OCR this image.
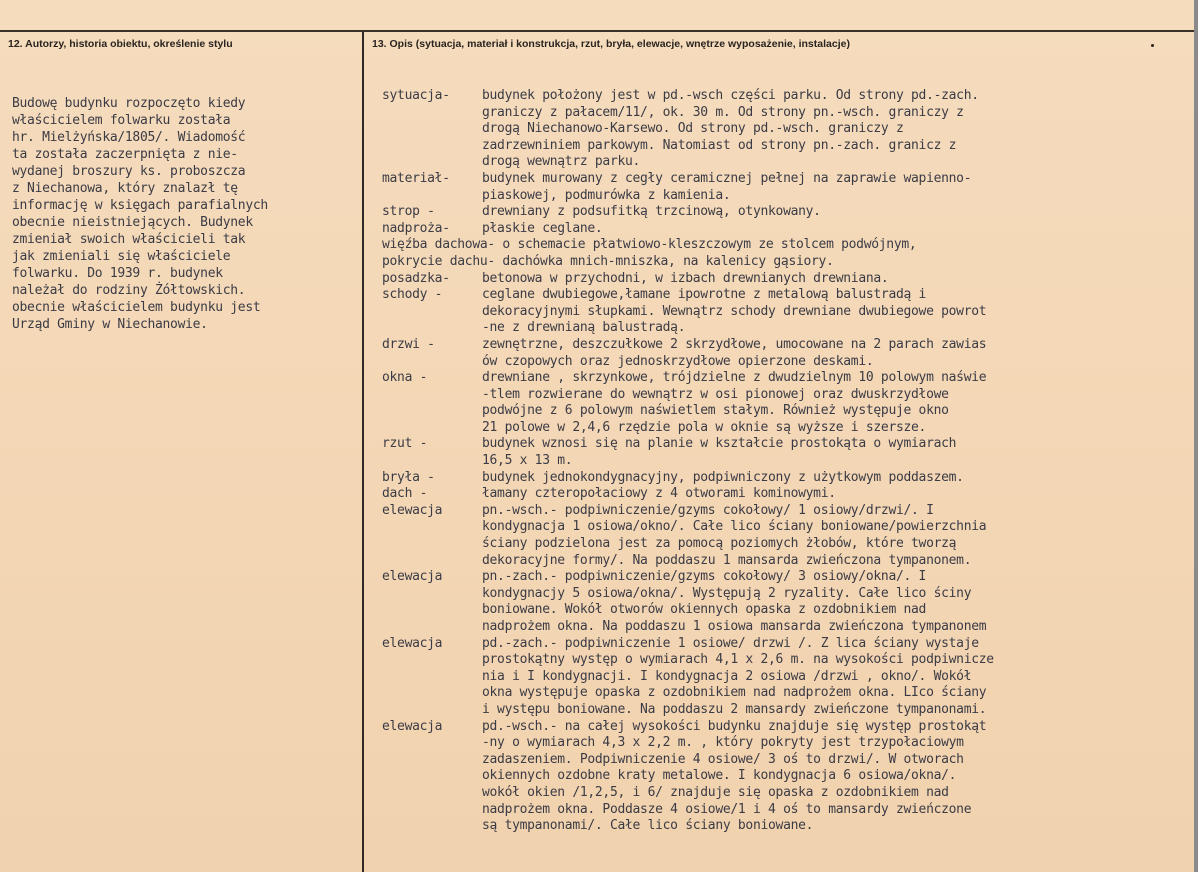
12. Autorzy, historia obiektu, określenie stylu	13. Opis (sytuacja, materiał i konstrukcja, rzut, bryła, elewacje, wnętrze wyposażenie, instalacje)
Budowę budynku rozpoczęto kiedy
właścicielem folwarku została
hr. Mielżyńska/1805/. Wiadomość
ta została zaczerpnięta z nie-
wydanej broszury ks. proboszcza
z Niechanowa, który znalazł tę
informację w księgach parafialnych
obecnie nieistniejących. Budynek
zmieniał swoich właścicieli tak
jak zmieniali się właściciele
folwarku. Do 1939 r. budynek
należał do rodziny Żółtowskich.
obecnie właścicielem budynku jest
Urząd Gminy w Niechanowie.
sytuacja- budynek położony jest w pd.-wsch części parku. Od strony pd.-zach.
graniczy z pałacem/11/, ok. 30 m. Od strony pn.-wsch. graniczy z
drogą Niechanowo-Karsewo. Od strony pd.-wsch. graniczy z
zadrzewniniem parkowym. Natomiast od strony pn.-zach. granicz z
drogą wewnątrz parku.
materiał- budynek murowany z cegły ceramicznej pełnej na zaprawie wapienno-
piaskowej, podmurówka z kamienia.
strop -	drewniany z podsufitką trzcinową, otynkowany.
nadproża- płaskie ceglane.
więźba dachowa- o schemacie płatwiowo-kleszczowym ze stolcem podwójnym,
pokrycie dachu- dachówka mnich-mniszka, na kalenicy gąsiory.
posadzka- betonowa w przychodni, w izbach drewnianych drewniana.
schody -	ceglane dwubiegowe,łamane ipowrotne z metalową balustradą i
dekoracyjnymi słupkami. Wewnątrz schody drewniane dwubiegowe powrot
-ne z drewnianą balustradą.
drzwi -	zewnętrzne, deszczułkowe 2 skrzydłowe, umocowane na 2 parach zawias
ów czopowych oraz jednoskrzydłowe opierzone deskami.
okna -	drewniane , skrzynkowe, trójdzielne z dwudzielnym 10 polowym naświe
-tlem rozwierane do wewnątrz w osi pionowej oraz dwuskrzydłowe
podwójne z 6 polowym naświetlem stałym. Również występuje okno
21 polowe w 2,4,6 rzędzie pola w oknie są wyższe i szersze.
rzut -	budynek wznosi się na planie w kształcie prostokąta o wymiarach
16,5 x 13 m.
bryła -	budynek jednokondygnacyjny, podpiwniczony z użytkowym poddaszem.
dach -	łamany czteropołaciowy z 4 otworami kominowymi.
elewacja	pn.-wsch.- podpiwniczenie/gzyms cokołowy/ 1 osiowy/drzwi/. I
kondygnacja 1 osiowa/okno/. Całe lico ściany boniowane/powierzchnia
ściany podzielona jest za pomocą poziomych żłobów, które tworzą
dekoracyjne formy/. Na poddaszu 1 mansarda zwieńczona tympanonem.
elewacja	pn.-zach.- podpiwniczenie/gzyms cokołowy/ 3 osiowy/okna/. I
kondygnacjy 5 osiowa/okna/. Występują 2 ryzality. Całe lico ściny
boniowane. Wokół otworów okiennych opaska z ozdobnikiem nad
nadprożem okna. Na poddaszu 1 osiowa mansarda zwieńczona tympanonem
elewacja	pd.-zach.- podpiwniczenie 1 osiowe/ drzwi /. Z lica ściany wystaje
prostokątny występ o wymiarach 4,1 x 2,6 m. na wysokości podpiwnicze
nia i I kondygnacji. I kondygnacja 2 osiowa /drzwi , okno/. Wokół
okna występuje opaska z ozdobnikiem nad nadprożem okna. LIco ściany
i występu boniowane. Na poddaszu 2 mansardy zwieńczone tympanonami.
elewacja	pd.-wsch.- na całej wysokości budynku znajduje się występ prostokąt
-ny o wymiarach 4,3 x 2,2 m. , który pokryty jest trzypołaciowym
zadaszeniem. Podpiwniczenie 4 osiowe/ 3 oś to drzwi/. W otworach
okiennych ozdobne kraty metalowe. I kondygnacja 6 osiowa/okna/.
wokół okien /1,2,5, i 6/ znajduje się opaska z ozdobnikiem nad
nadprożem okna. Poddasze 4 osiowe/1 i 4 oś to mansardy zwieńczone
są tympanonami/. Całe lico ściany boniowane.
